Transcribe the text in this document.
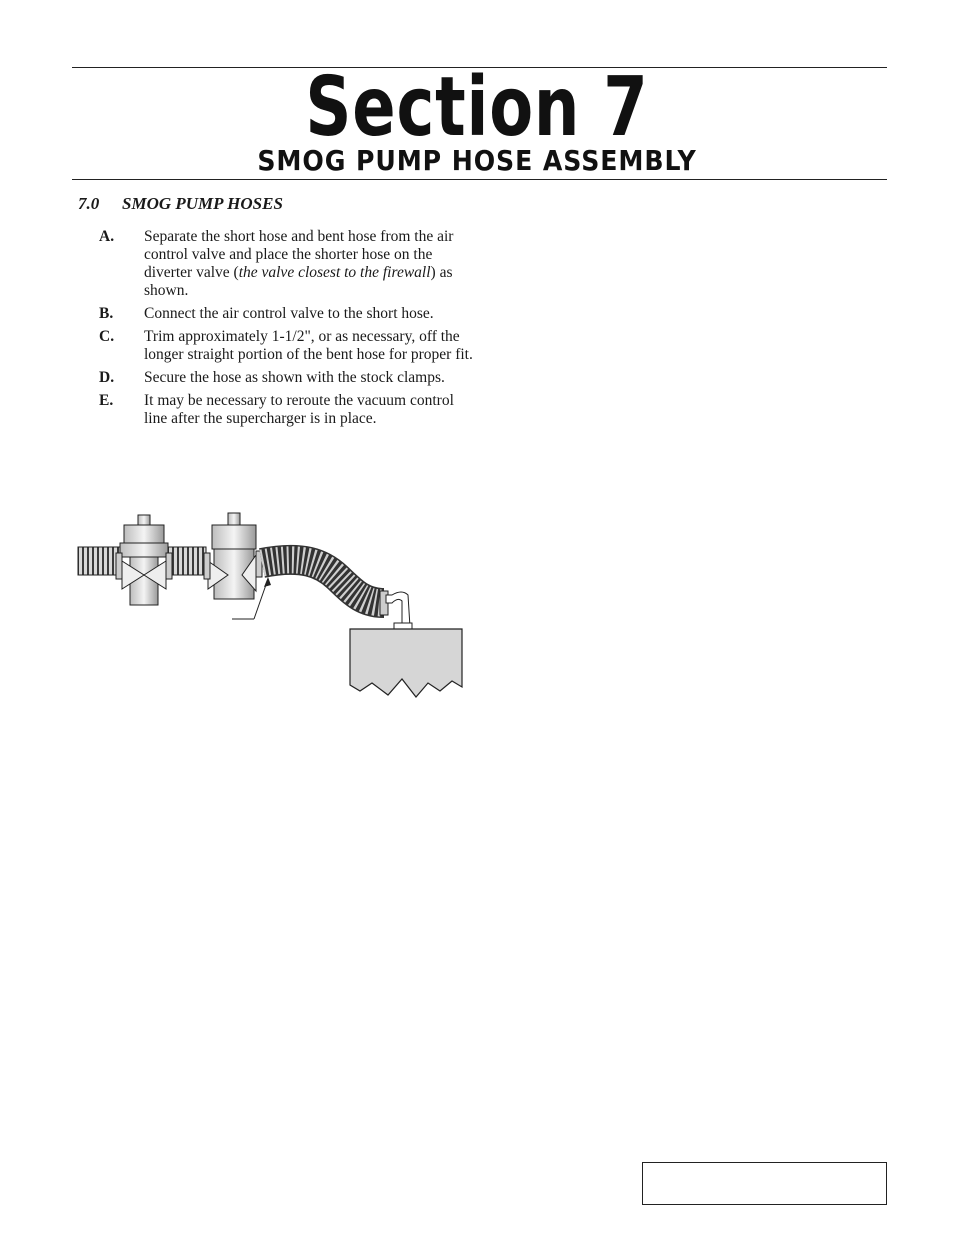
Section 7
SMOG PUMP HOSE ASSEMBLY
7.0 SMOG PUMP HOSES
A.	Separate the short hose and bent hose from the air control valve and place the shorter hose on the diverter valve (the valve closest to the firewall) as shown.
B.	Connect the air control valve to the short hose.
C.	Trim approximately 1-1/2", or as necessary, off the longer straight portion of the bent hose for proper fit.
D.	Secure the hose as shown with the stock clamps.
E.	It may be necessary to reroute the vacuum control line after the supercharger is in place.
